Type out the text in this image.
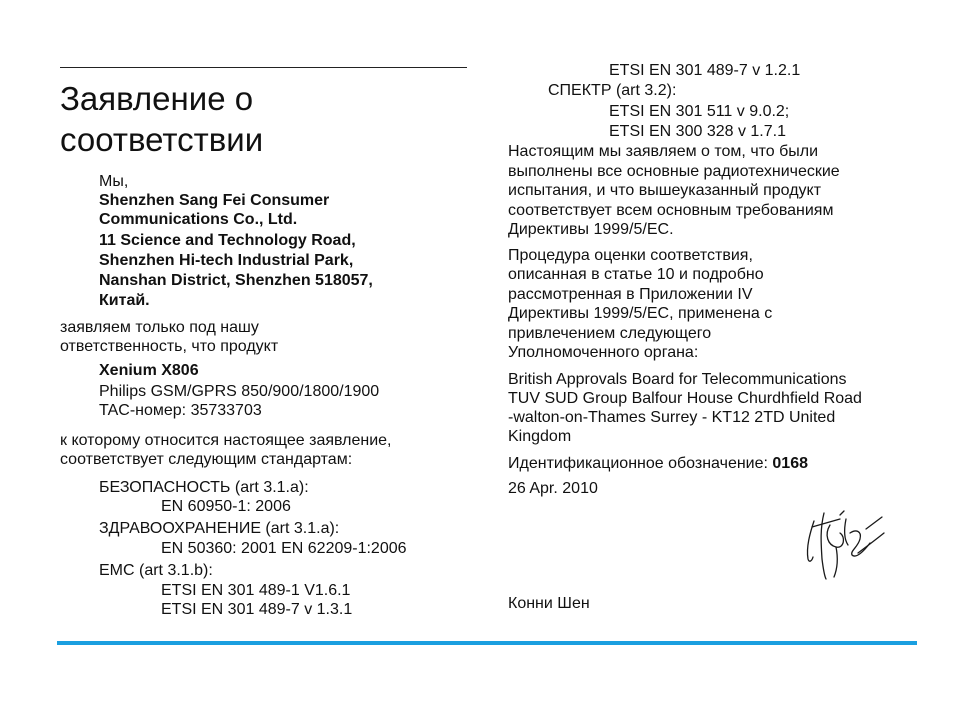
Заявление о
соответствии
Мы,
Shenzhen Sang Fei Consumer
Communications Co., Ltd.
11 Science and Technology Road,
Shenzhen Hi-tech Industrial Park,
Nanshan District, Shenzhen 518057,
Китай.
заявляем только под нашу
ответственность, что продукт
Xenium X806
Philips GSM/GPRS 850/900/1800/1900
TAC-номер: 35733703
к которому относится настоящее заявление,
соответствует следующим стандартам:
БЕЗОПАСНОСТЬ (art 3.1.a):
EN 60950-1: 2006
ЗДРАВООХРАНЕНИЕ (art 3.1.a):
EN 50360: 2001 EN 62209-1:2006
EMC (art 3.1.b):
ETSI EN 301 489-1 V1.6.1
ETSI EN 301 489-7 v 1.3.1
ETSI EN 301 489-7 v 1.2.1
СПЕКТР (art 3.2):
ETSI EN 301 511 v 9.0.2;
ETSI EN 300 328 v 1.7.1
Настоящим мы заявляем о том, что были
выполнены все основные радиотехнические
испытания, и что вышеуказанный продукт
соответствует всем основным требованиям
Директивы 1999/5/EC.
Процедура оценки соответствия,
описанная в статье 10 и подробно
рассмотренная в Приложении IV
Директивы 1999/5/EC, применена с
привлечением следующего
Уполномоченного органа:
British Approvals Board for Telecommunications
TUV SUD Group Balfour House Churdhfield Road
-walton-on-Thames Surrey - KT12 2TD United
Kingdom
Идентификационное обозначение: 0168
26 Apr. 2010
Конни Шен
